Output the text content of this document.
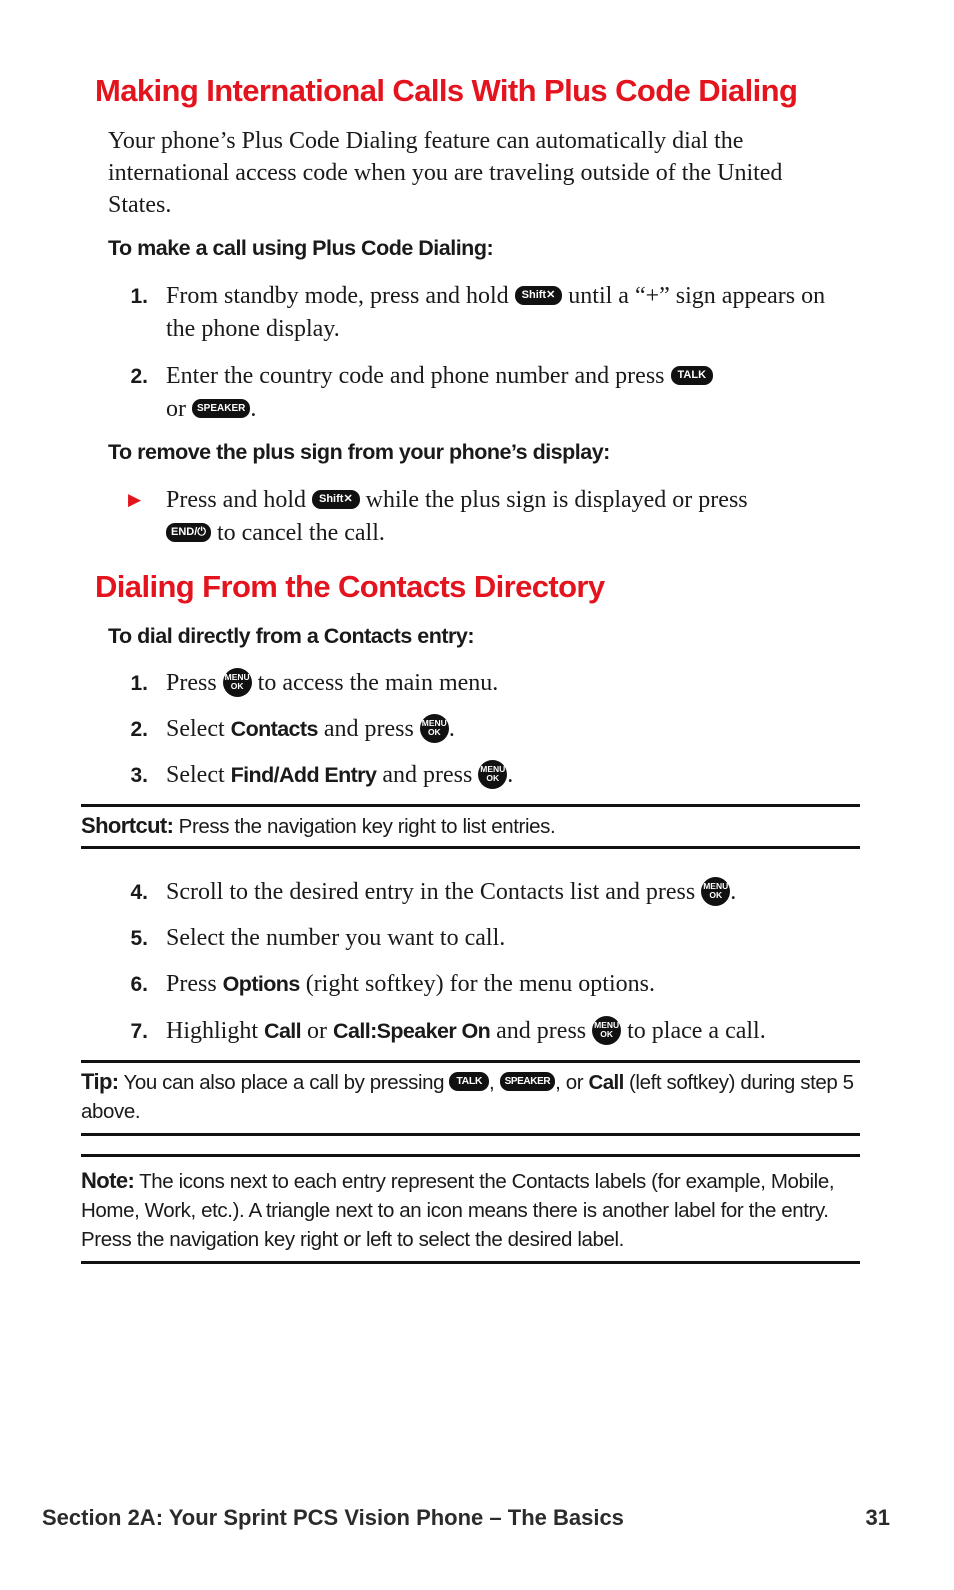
Making International Calls With Plus Code Dialing

Your phone’s Plus Code Dialing feature can automatically dial the international access code when you are traveling outside of the United States.

To make a call using Plus Code Dialing:
1. From standby mode, press and hold Shift✕ until a “+” sign appears on the phone display.
2. Enter the country code and phone number and press TALK
or SPEAKER .
To remove the plus sign from your phone’s display:
▶ Press and hold Shift✕ while the plus sign is displayed or press
END/⏻ to cancel the call.
Dialing From the Contacts Directory
To dial directly from a Contacts entry:
1. Press MENU
OK to access the main menu.
2. Select Contacts and press MENU
OK .
3. Select Find/Add Entry and press MENU
OK .
Shortcut: Press the navigation key right to list entries.
4. Scroll to the desired entry in the Contacts list and press MENU
OK .
5. Select the number you want to call.
6. Press Options (right softkey) for the menu options.
7. Highlight Call or Call:Speaker On and press MENU
OK to place a call.
Tip: You can also place a call by pressing TALK , SPEAKER , or Call (left softkey) during step 5 above.
Note: The icons next to each entry represent the Contacts labels (for example, Mobile, Home, Work, etc.). A triangle next to an icon means there is another label for the entry. Press the navigation key right or left to select the desired label.
Section 2A: Your Sprint PCS Vision Phone – The Basics	31
